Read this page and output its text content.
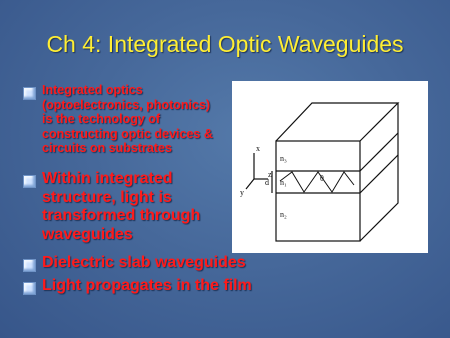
Ch 4: Integrated Optic Waveguides
Integrated optics
(optoelectronics, photonics)
is the technology of
constructing optic devices &
circuits on substrates
n₃
n₁
n₂
x
z
y
d	θ
Within integrated
structure, light is
transformed through
waveguides
Dielectric slab waveguides
Light propagates in the film
